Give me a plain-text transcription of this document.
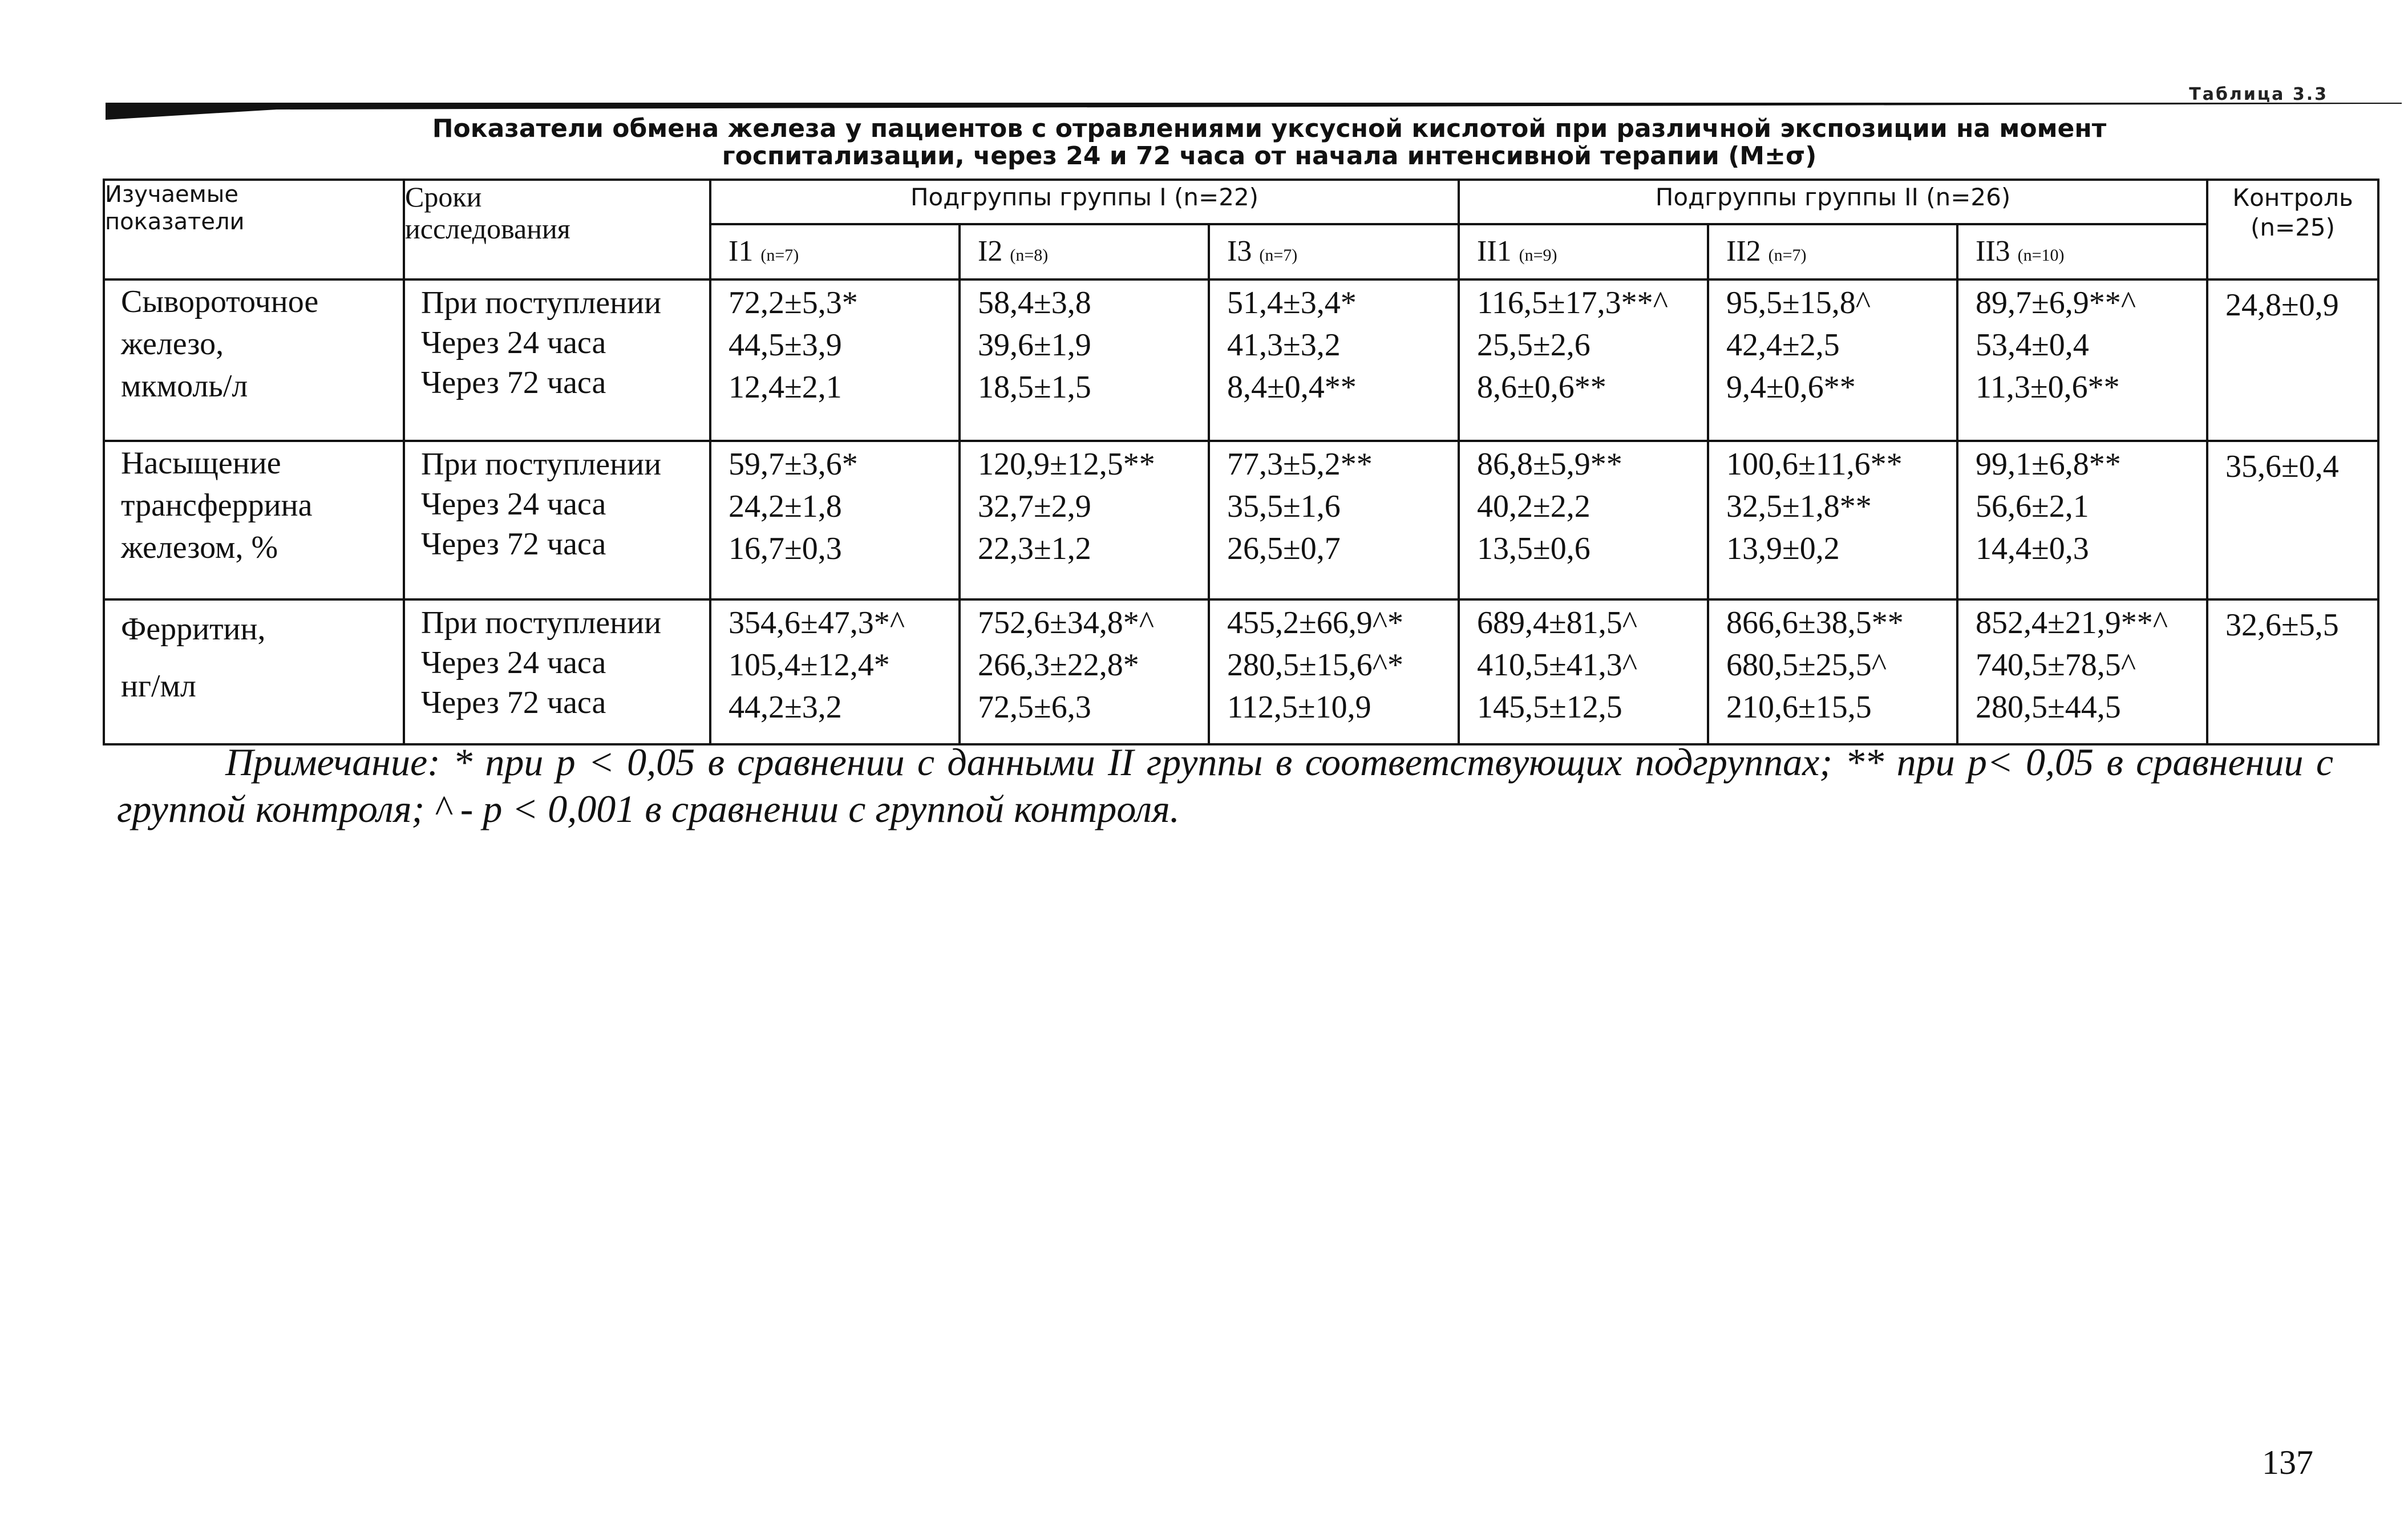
Таблица 3.3
Показатели обмена железа у пациентов с отравлениями уксусной кислотой при различной экспозиции на момент
госпитализации, через 24 и 72 часа от начала интенсивной терапии (M±σ)
Изучаемые
показатели	Сроки
исследования	Подгруппы группы I (n=22)			Подгруппы группы II (n=26)			Контроль
(n=25)
		I1 (n=7)	I2 (n=8)	I3 (n=7)	II1 (n=9)	II2 (n=7)	II3 (n=10)	
Сывороточное
железо,
мкмоль/л	При поступлении
Через 24 часа
Через 72 часа	72,2±5,3*
44,5±3,9
12,4±2,1	58,4±3,8
39,6±1,9
18,5±1,5	51,4±3,4*
41,3±3,2
8,4±0,4**	116,5±17,3**^
25,5±2,6
8,6±0,6**	95,5±15,8^
42,4±2,5
9,4±0,6**	89,7±6,9**^
53,4±0,4
11,3±0,6**	24,8±0,9
Насыщение
трансферрина
железом, %	При поступлении
Через 24 часа
Через 72 часа	59,7±3,6*
24,2±1,8
16,7±0,3	120,9±12,5**
32,7±2,9
22,3±1,2	77,3±5,2**
35,5±1,6
26,5±0,7	86,8±5,9**
40,2±2,2
13,5±0,6	100,6±11,6**
32,5±1,8**
13,9±0,2	99,1±6,8**
56,6±2,1
14,4±0,3	35,6±0,4
Ферритин,
нг/мл	При поступлении
Через 24 часа
Через 72 часа	354,6±47,3*^
105,4±12,4*
44,2±3,2	752,6±34,8*^
266,3±22,8*
72,5±6,3	455,2±66,9^*
280,5±15,6^*
112,5±10,9	689,4±81,5^
410,5±41,3^
145,5±12,5	866,6±38,5**
680,5±25,5^
210,6±15,5	852,4±21,9**^
740,5±78,5^
280,5±44,5	32,6±5,5
Примечание: * при р < 0,05 в сравнении с данными II группы в соответствующих подгруппах; ** при р< 0,05 в сравнении с группой контроля; ^ - р < 0,001 в сравнении с группой контроля.
137
